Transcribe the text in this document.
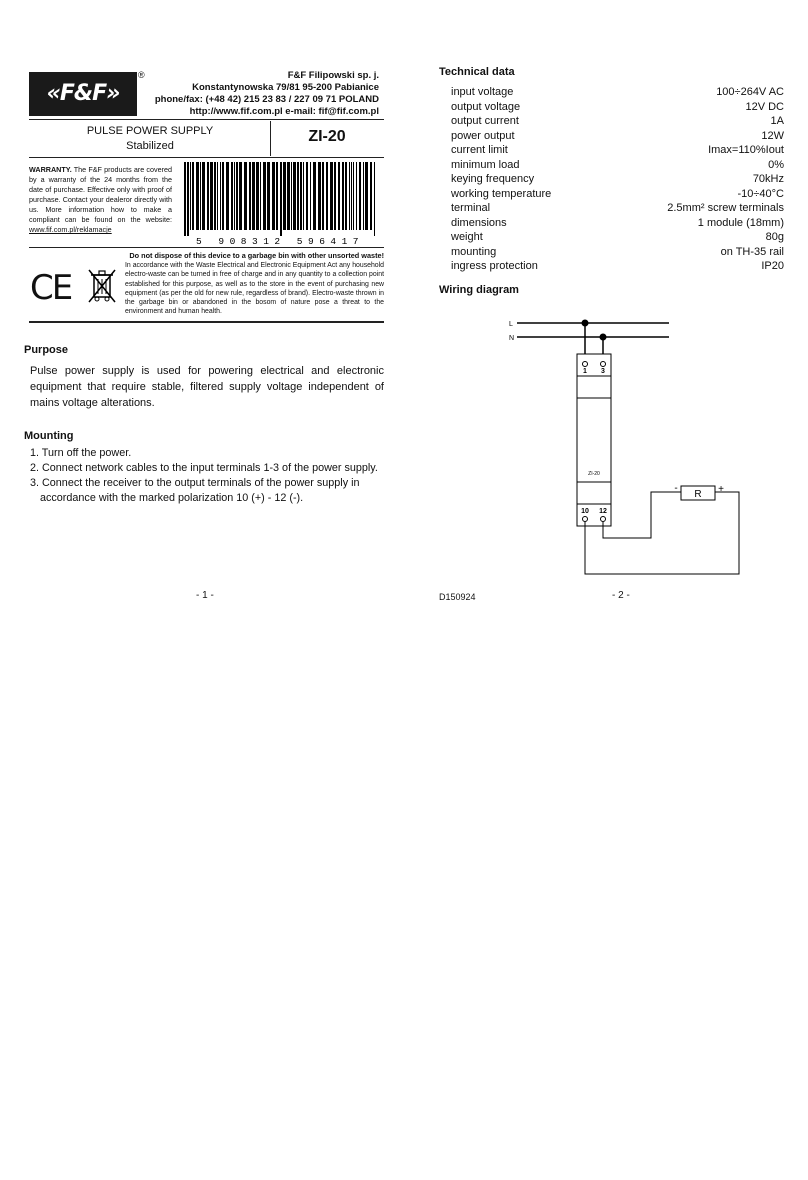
«F&F»
®	F&F Filipowski sp. j.
Konstantynowska 79/81 95-200 Pabianice
phone/fax: (+48 42) 215 23 83 / 227 09 71 POLAND
http://www.fif.com.pl e-mail: fif@fif.com.pl
PULSE POWER SUPPLY
Stabilized
ZI-20
WARRANTY. The F&F products are covered by a warranty of the 24 months from the date of purchase. Effective only with proof of purchase. Contact your dealeror directly with us. More information how to make a compliant can be found on the website: www.fif.com.pl/reklamacje
5 908312 596417
Do not dispose of this device to a garbage bin with other unsorted waste!
In accordance with the Waste Electrical and Electronic Equipment Act any household electro-waste can be turned in free of charge and in any quantity to a collection point established for this purpose, as well as to the store in the event of purchasing new equipment (as per the old for new rule, regardless of brand). Electro-waste thrown in the garbage bin or abandoned in the bosom of nature pose a threat to the environment and human health.
CE
Purpose
Pulse power supply is used for powering electrical and electronic equipment that require stable, filtered supply voltage independent of mains voltage alterations.
Mounting
1. Turn off the power.
2. Connect network cables to the input terminals 1-3 of the power supply.
3. Connect the receiver to the output terminals of the power supply in accordance with the marked polarization 10 (+) - 12 (-).
- 1 -
Technical data
input voltage	100÷264V AC
output voltage	12V DC
output current	1A
power output	12W
current limit	Imax=110%Iout
minimum load	0%
keying frequency	70kHz
working temperature	-10÷40°C
terminal	2.5mm² screw terminals
dimensions	1 module (18mm)
weight	80g
mounting	on TH-35 rail
ingress protection	IP20
Wiring diagram
L
N
1 3
ZI-20
10 12
R
-	+
D150924	- 2 -
